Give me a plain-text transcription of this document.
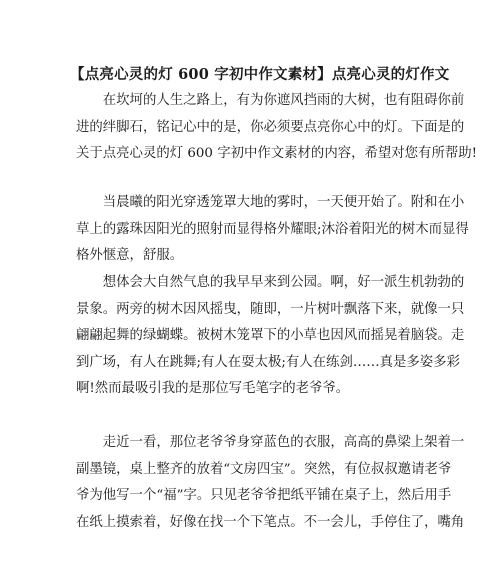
【点亮心灵的灯 600 字初中作文素材】点亮心灵的灯作文

　　在坎坷的人生之路上，有为你遮风挡雨的大树，也有阻碍你前
进的绊脚石，铭记心中的是，你必须要点亮你心中的灯。下面是的
关于点亮心灵的灯 600 字初中作文素材的内容，希望对您有所帮助!

　　当晨曦的阳光穿透笼罩大地的雾时，一天便开始了。附和在小
草上的露珠因阳光的照射而显得格外耀眼;沐浴着阳光的树木而显得
格外惬意，舒服。

　　想体会大自然气息的我早早来到公园。啊，好一派生机勃勃的
景象。两旁的树木因风摇曳，随即，一片树叶飘落下来，就像一只
翩翩起舞的绿蝴蝶。被树木笼罩下的小草也因风而摇晃着脑袋。走
到广场，有人在跳舞;有人在耍太极;有人在练剑……真是多姿多彩
啊!然而最吸引我的是那位写毛笔字的老爷爷。

　　走近一看，那位老爷爷身穿蓝色的衣服，高高的鼻梁上架着一
副墨镜，桌上整齐的放着“文房四宝”。突然，有位叔叔邀请老爷
爷为他写一个“福”字。只见老爷爷把纸平铺在桌子上，然后用手
在纸上摸索着，好像在找一个下笔点。不一会儿，手停住了，嘴角
